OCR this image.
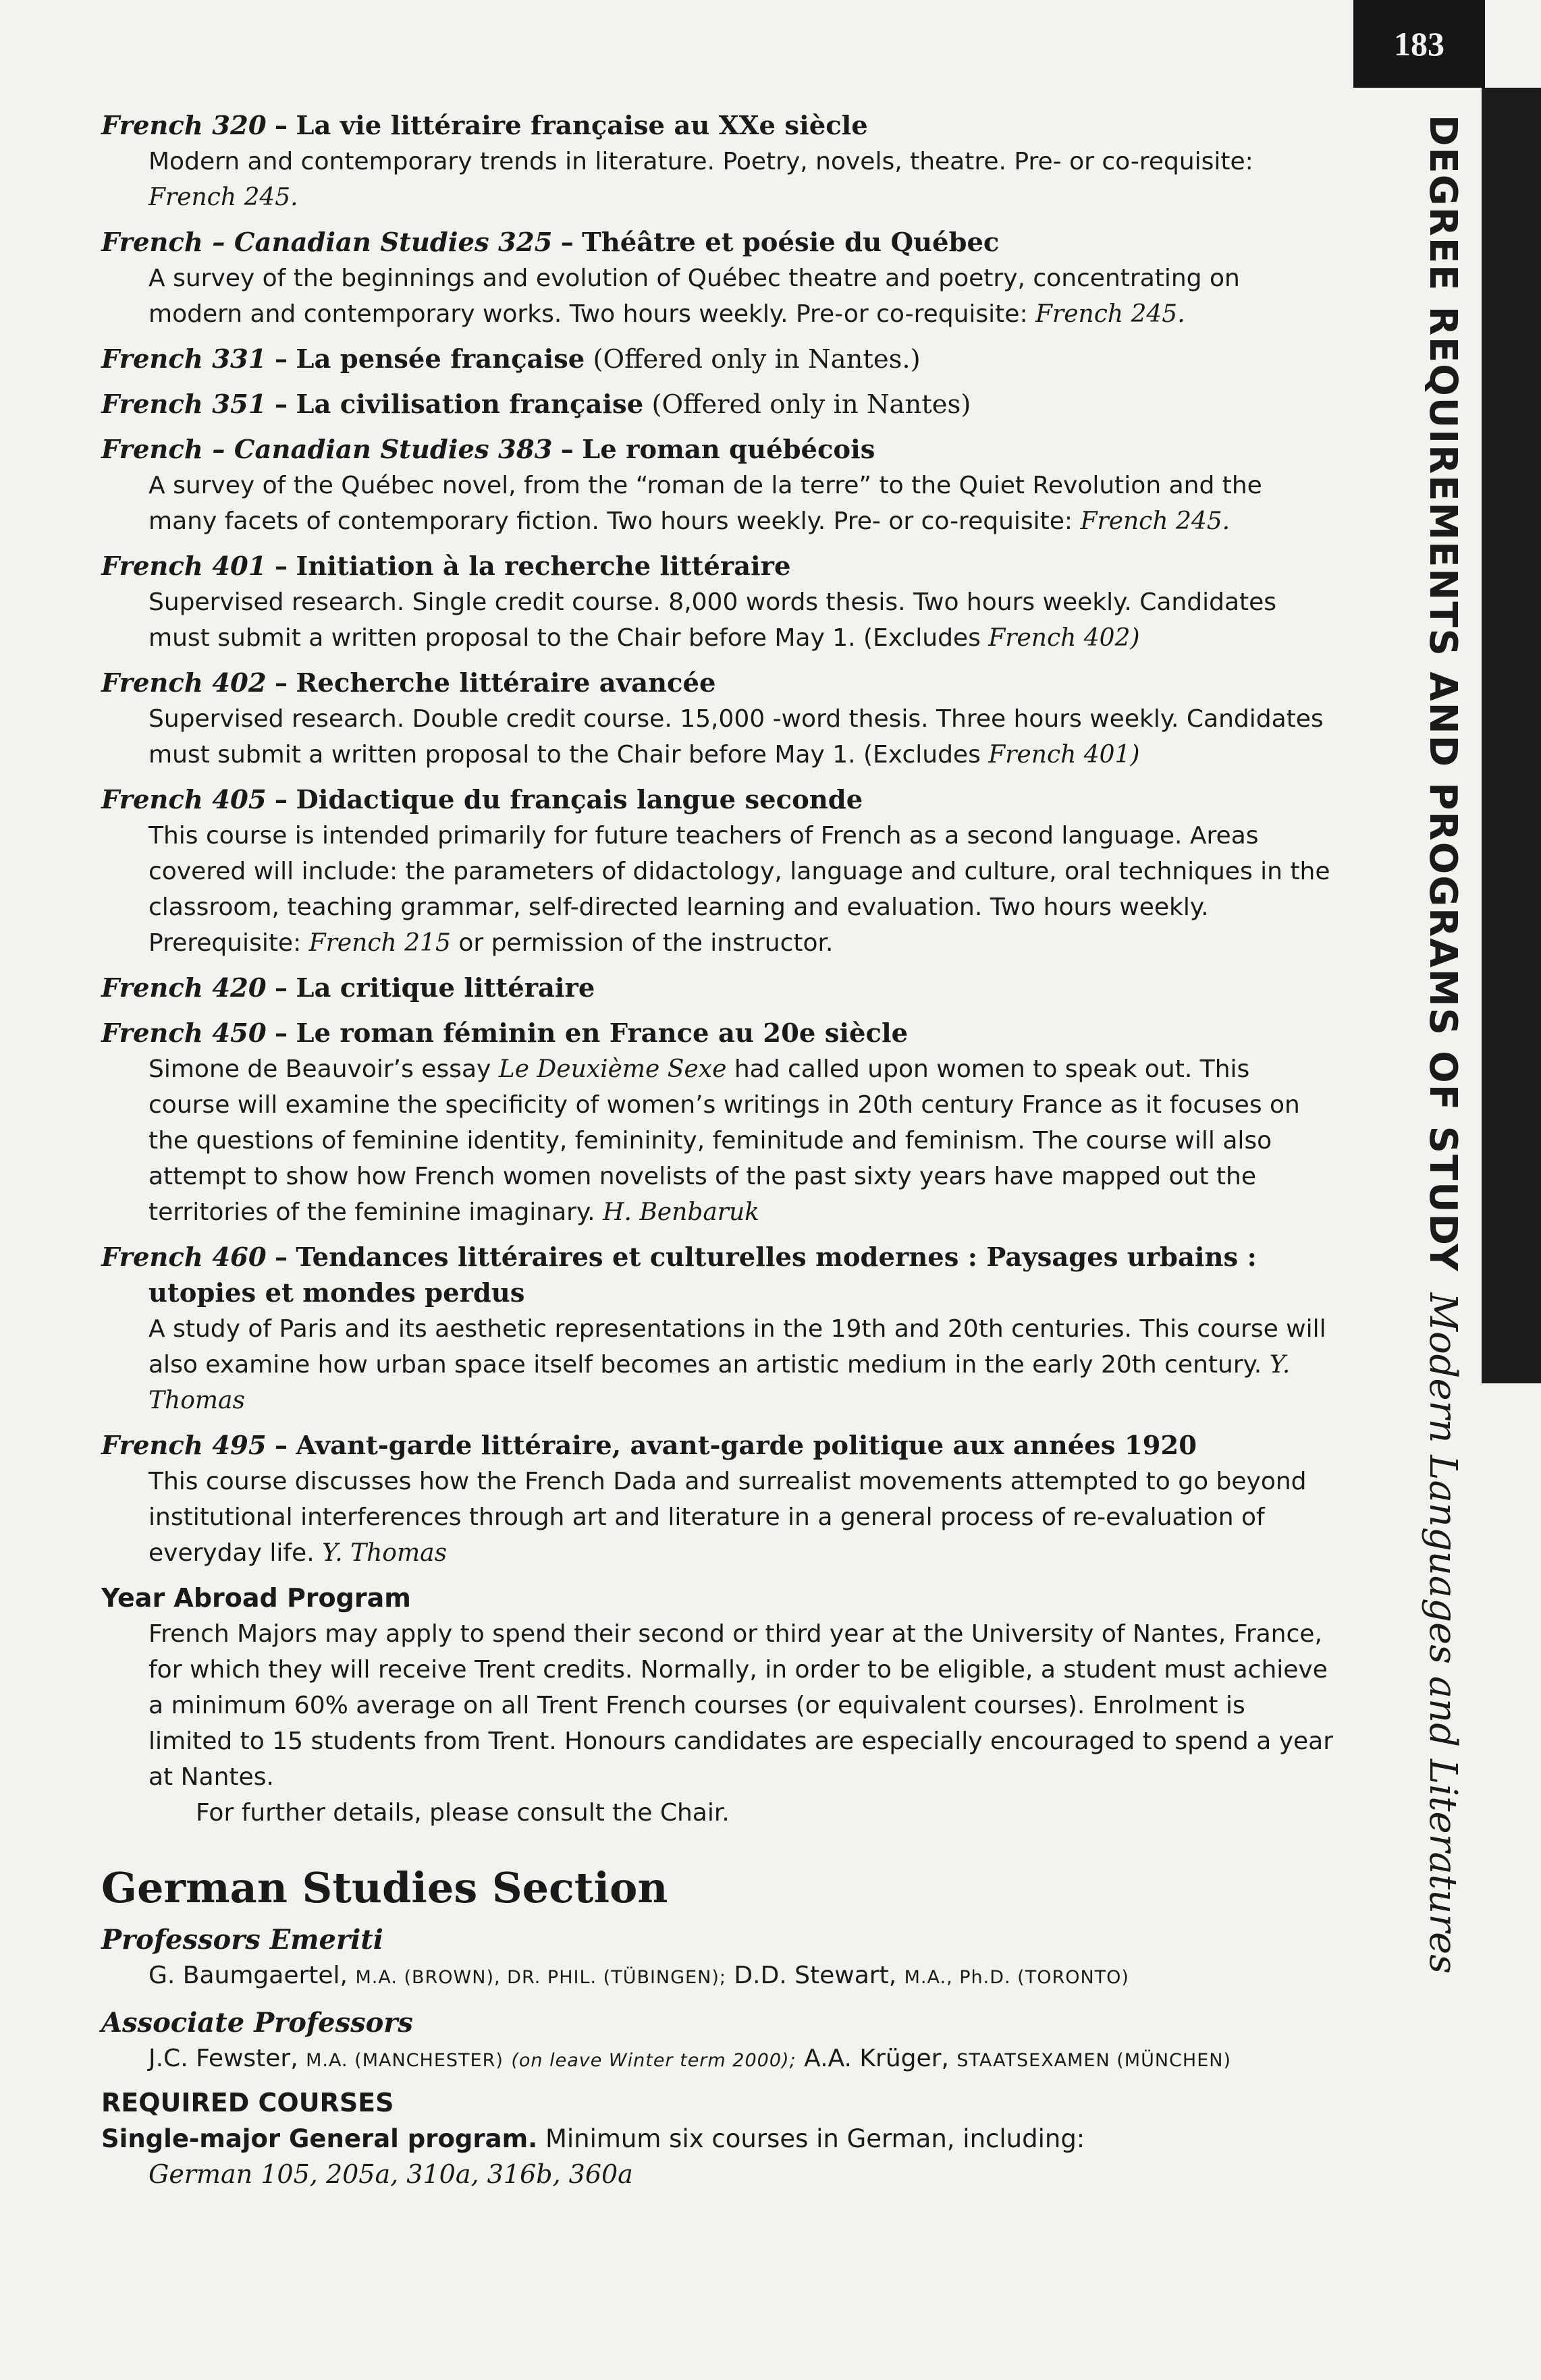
183
DEGREE REQUIREMENTS AND PROGRAMS OF STUDYModern Languages and Literatures
French 320 – La vie littéraire française au XXe siècle
Modern and contemporary trends in literature. Poetry, novels, theatre. Pre- or co-requisite: French 245.
French – Canadian Studies 325 – Théâtre et poésie du Québec
A survey of the beginnings and evolution of Québec theatre and poetry, concentrating on modern and contemporary works. Two hours weekly. Pre-or co-requisite: French 245.
French 331 – La pensée française (Offered only in Nantes.)
French 351 – La civilisation française (Offered only in Nantes)
French – Canadian Studies 383 – Le roman québécois
A survey of the Québec novel, from the “roman de la terre” to the Quiet Revolution and the many facets of contemporary fiction. Two hours weekly. Pre- or co-requisite: French 245.
French 401 – Initiation à la recherche littéraire
Supervised research. Single credit course. 8,000 words thesis. Two hours weekly. Candidates must submit a written proposal to the Chair before May 1. (Excludes French 402)
French 402 – Recherche littéraire avancée
Supervised research. Double credit course. 15,000 -word thesis. Three hours weekly. Candidates must submit a written proposal to the Chair before May 1. (Excludes French 401)
French 405 – Didactique du français langue seconde
This course is intended primarily for future teachers of French as a second language. Areas covered will include: the parameters of didactology, language and culture, oral techniques in the classroom, teaching grammar, self-directed learning and evaluation. Two hours weekly. Prerequisite: French 215 or permission of the instructor.
French 420 – La critique littéraire
French 450 – Le roman féminin en France au 20e siècle
Simone de Beauvoir’s essay Le Deuxième Sexe had called upon women to speak out. This course will examine the specificity of women’s writings in 20th century France as it focuses on the questions of feminine identity, femininity, feminitude and feminism. The course will also attempt to show how French women novelists of the past sixty years have mapped out the territories of the feminine imaginary. H. Benbaruk
French 460 – Tendances littéraires et culturelles modernes : Paysages urbains : utopies et mondes perdus
A study of Paris and its aesthetic representations in the 19th and 20th centuries. This course will also examine how urban space itself becomes an artistic medium in the early 20th century. Y. Thomas
French 495 – Avant-garde littéraire, avant-garde politique aux années 1920
This course discusses how the French Dada and surrealist movements attempted to go beyond institutional interferences through art and literature in a general process of re-evaluation of everyday life. Y. Thomas
Year Abroad Program
French Majors may apply to spend their second or third year at the University of Nantes, France, for which they will receive Trent credits. Normally, in order to be eligible, a student must achieve a minimum 60% average on all Trent French courses (or equivalent courses). Enrolment is limited to 15 students from Trent. Honours candidates are especially encouraged to spend a year at Nantes.
For further details, please consult the Chair.
German Studies Section
Professors Emeriti
G. Baumgaertel, M.A. (BROWN), DR. PHIL. (TÜBINGEN); D.D. Stewart, M.A., Ph.D. (TORONTO)
Associate Professors
J.C. Fewster, M.A. (MANCHESTER) (on leave Winter term 2000); A.A. Krüger, STAATSEXAMEN (MÜNCHEN)
REQUIRED COURSES
Single-major General program. Minimum six courses in German, including:
German 105, 205a, 310a, 316b, 360a
